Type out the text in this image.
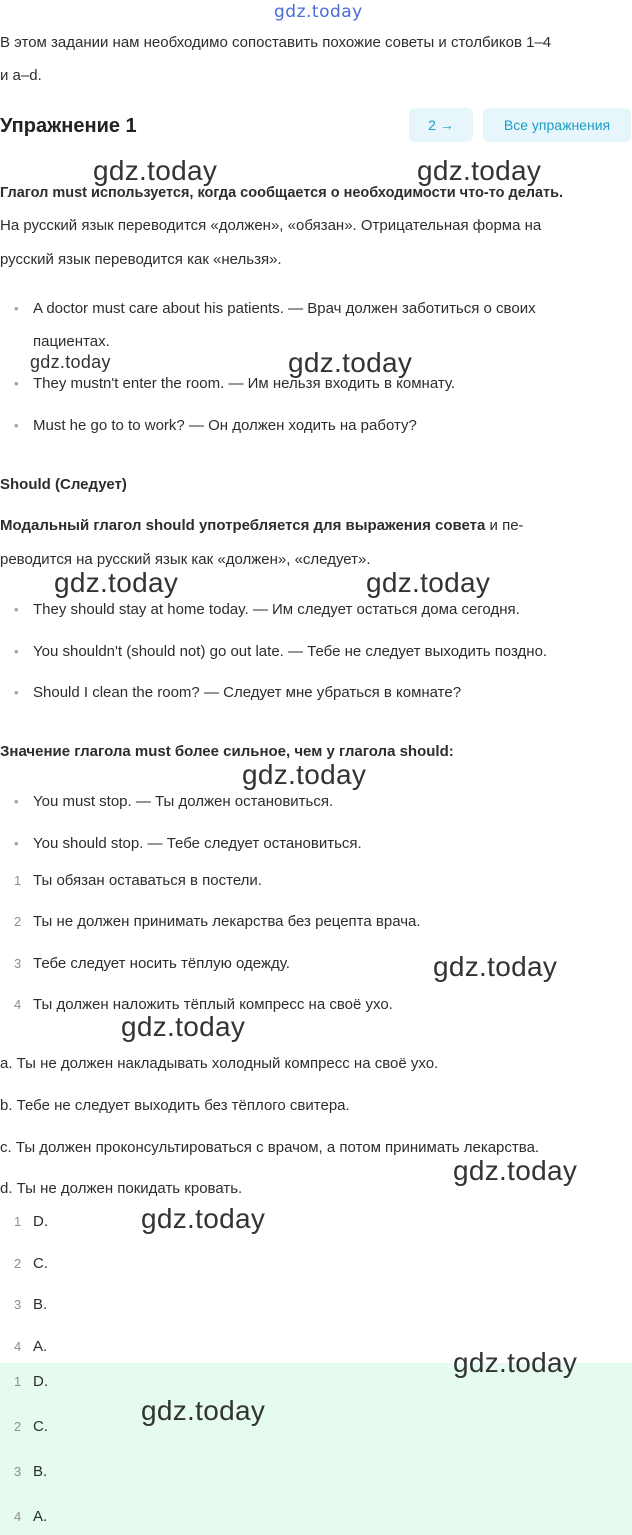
gdz.today
В этом задании нам необходимо сопоставить похожие советы и столбиков 1–4
и a–d.
Упражнение 1	2 →	Все упражнения
Глагол must используется, когда сообщается о необходимости что-то делать.
На русский язык переводится «должен», «обязан». Отрицательная форма на
русский язык переводится как «нельзя».
• A doctor must care about his patients. — Врач должен заботиться о своих
пациентах.
• They mustn't enter the room. — Им нельзя входить в комнату.
• Must he go to to work? — Он должен ходить на работу?
Should (Следует)
Модальный глагол should употребляется для выражения совета и пе-
реводится на русский язык как «должен», «следует».
• They should stay at home today. — Им следует остаться дома сегодня.
• You shouldn't (should not) go out late. — Тебе не следует выходить поздно.
• Should I clean the room? — Следует мне убраться в комнате?
Значение глагола must более сильное, чем у глагола should:
• You must stop. — Ты должен остановиться.
• You should stop. — Тебе следует остановиться.
1 Ты обязан оставаться в постели.
2 Ты не должен принимать лекарства без рецепта врача.
3 Тебе следует носить тёплую одежду.
4 Ты должен наложить тёплый компресс на своё ухо.
a. Ты не должен накладывать холодный компресс на своё ухо.
b. Тебе не следует выходить без тёплого свитера.
c. Ты должен проконсультироваться с врачом, а потом принимать лекарства.
d. Ты не должен покидать кровать.
1 D.
2 C.
3 B.
4 A.
1 D.
2 C.
3 B.
4 A.
gdz.today	gdz.today
gdz.today	gdz.today
gdz.today	gdz.today
gdz.today
gdz.today
gdz.today
gdz.today
gdz.today
gdz.today
gdz.today
